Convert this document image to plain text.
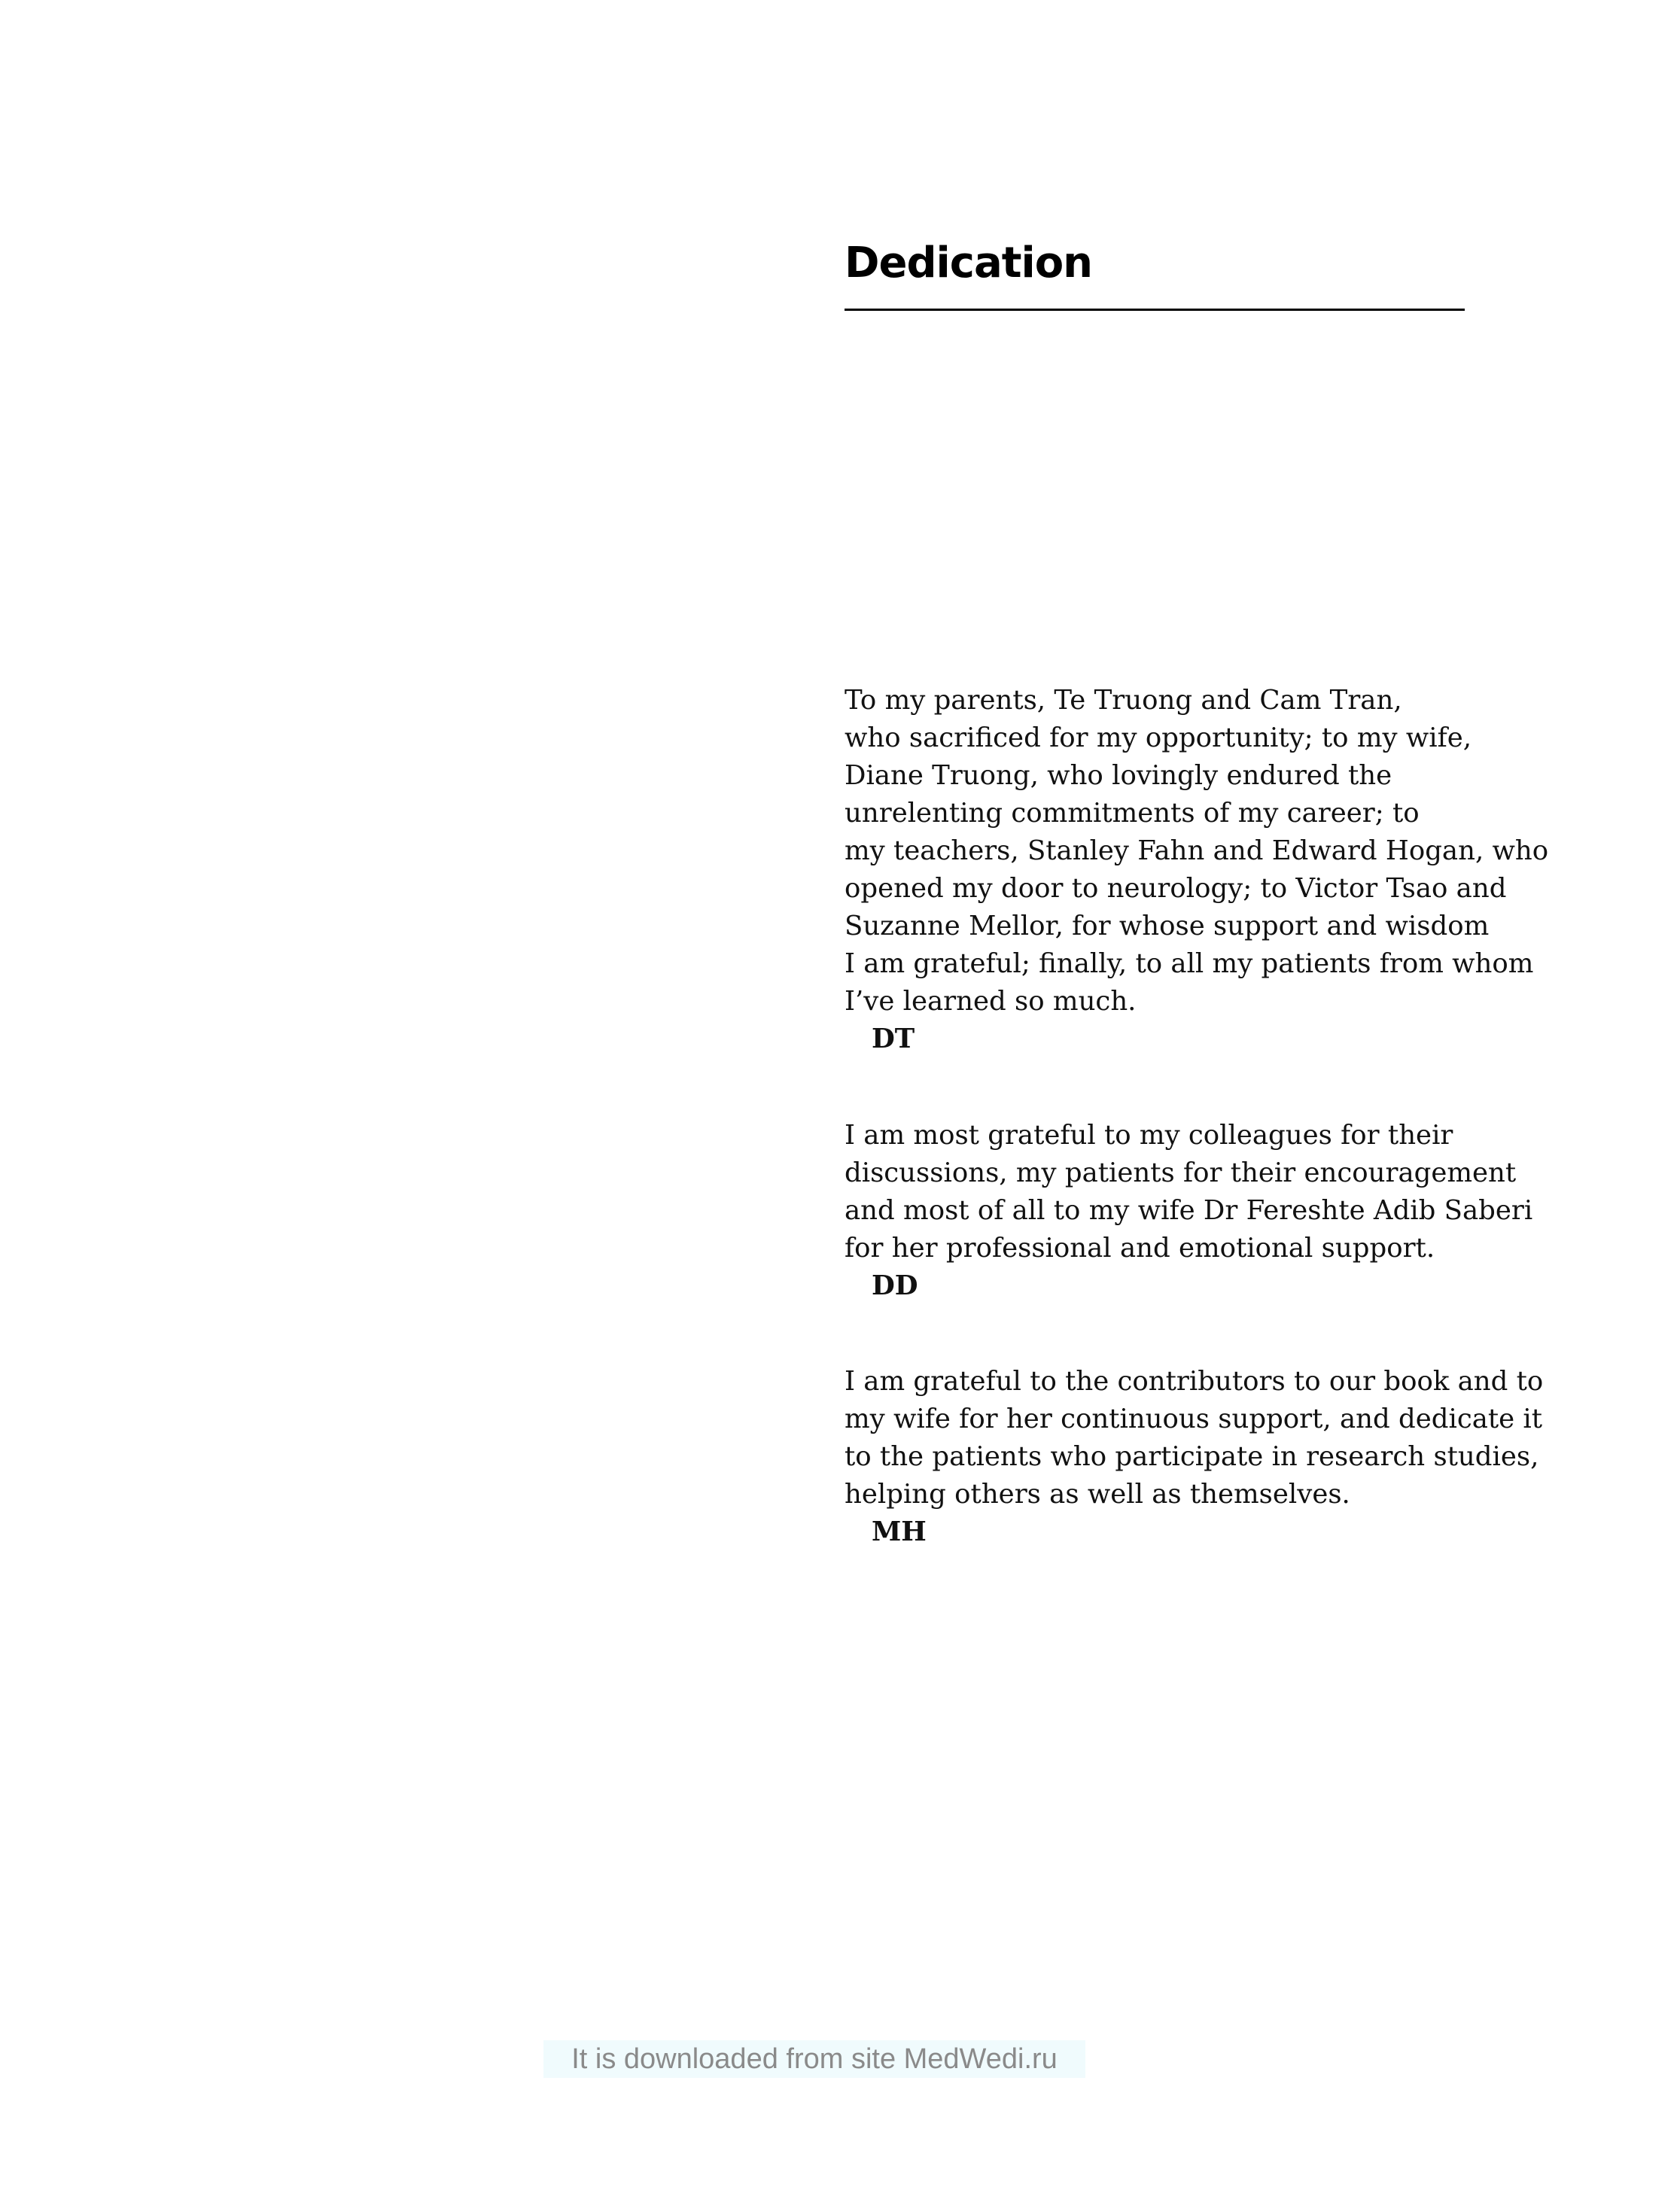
Dedication
To my parents, Te Truong and Cam Tran,
who sacrificed for my opportunity; to my wife,
Diane Truong, who lovingly endured the
unrelenting commitments of my career; to
my teachers, Stanley Fahn and Edward Hogan, who
opened my door to neurology; to Victor Tsao and
Suzanne Mellor, for whose support and wisdom
I am grateful; finally, to all my patients from whom
I’ve learned so much.
DT
I am most grateful to my colleagues for their
discussions, my patients for their encouragement
and most of all to my wife Dr Fereshte Adib Saberi
for her professional and emotional support.
DD
I am grateful to the contributors to our book and to
my wife for her continuous support, and dedicate it
to the patients who participate in research studies,
helping others as well as themselves.
MH
It is downloaded from site MedWedi.ru
